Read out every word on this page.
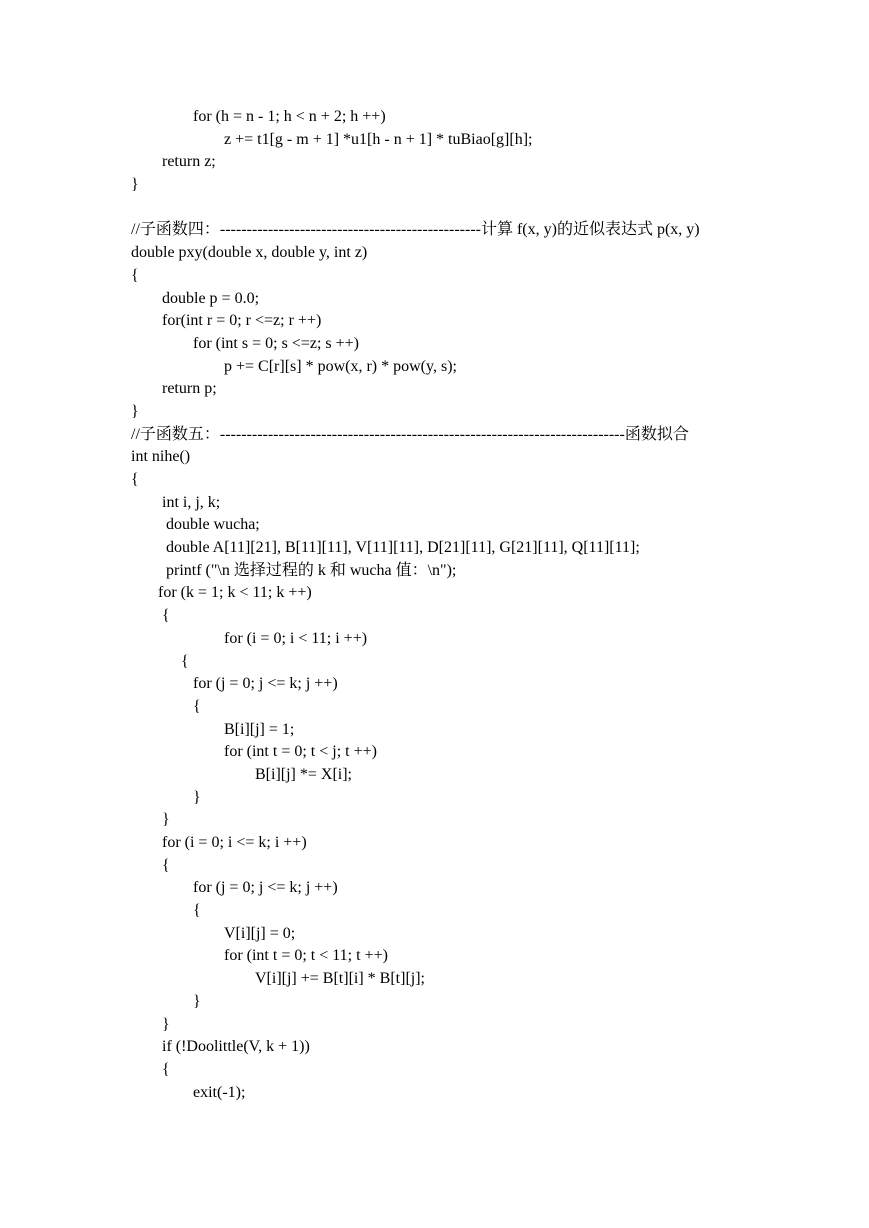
for (h = n - 1; h < n + 2; h ++)
z += t1[g - m + 1] *u1[h - n + 1] * tuBiao[g][h];
return z;
}
//子函数四：-------------------------------------------------计算 f(x, y)的近似表达式 p(x, y)
double pxy(double x, double y, int z)
{
double p = 0.0;
for(int r = 0; r <=z; r ++)
for (int s = 0; s <=z; s ++)
p += C[r][s] * pow(x, r) * pow(y, s);
return p;
}
//子函数五：----------------------------------------------------------------------------函数拟合
int nihe()
{
int i, j, k;
double wucha;
double A[11][21], B[11][11], V[11][11], D[21][11], G[21][11], Q[11][11];
printf ("\n 选择过程的 k 和 wucha 值：\n");
for (k = 1; k < 11; k ++)
{
for (i = 0; i < 11; i ++)
{
for (j = 0; j <= k; j ++)
{
B[i][j] = 1;
for (int t = 0; t < j; t ++)
B[i][j] *= X[i];
}
}
for (i = 0; i <= k; i ++)
{
for (j = 0; j <= k; j ++)
{
V[i][j] = 0;
for (int t = 0; t < 11; t ++)
V[i][j] += B[t][i] * B[t][j];
}
}
if (!Doolittle(V, k + 1))
{
exit(-1);
